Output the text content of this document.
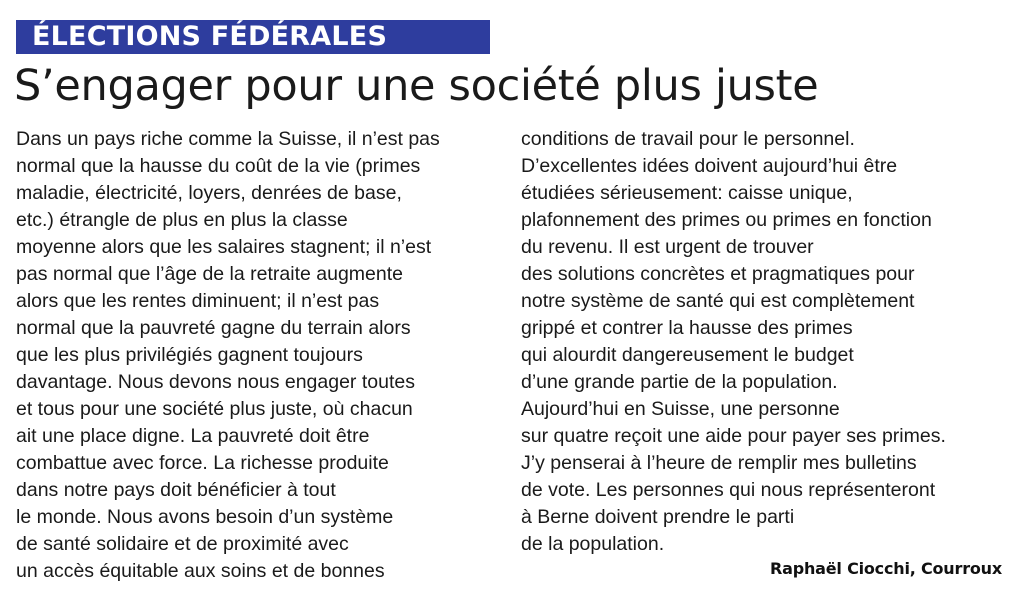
ÉLECTIONS FÉDÉRALES
S’engager pour une société plus juste
Dans un pays riche comme la Suisse, il n’est pas
normal que la hausse du coût de la vie (primes
maladie, électricité, loyers, denrées de base,
etc.) étrangle de plus en plus la classe
moyenne alors que les salaires stagnent; il n’est
pas normal que l’âge de la retraite augmente
alors que les rentes diminuent; il n’est pas
normal que la pauvreté gagne du terrain alors
que les plus privilégiés gagnent toujours
davantage. Nous devons nous engager toutes
et tous pour une société plus juste, où chacun
ait une place digne. La pauvreté doit être
combattue avec force. La richesse produite
dans notre pays doit bénéficier à tout
le monde. Nous avons besoin d’un système
de santé solidaire et de proximité avec
un accès équitable aux soins et de bonnes
conditions de travail pour le personnel.
D’excellentes idées doivent aujourd’hui être
étudiées sérieusement: caisse unique,
plafonnement des primes ou primes en fonction
du revenu. Il est urgent de trouver
des solutions concrètes et pragmatiques pour
notre système de santé qui est complètement
grippé et contrer la hausse des primes
qui alourdit dangereusement le budget
d’une grande partie de la population.
Aujourd’hui en Suisse, une personne
sur quatre reçoit une aide pour payer ses primes.
J’y penserai à l’heure de remplir mes bulletins
de vote. Les personnes qui nous représenteront
à Berne doivent prendre le parti
de la population.
Raphaël Ciocchi, Courroux
